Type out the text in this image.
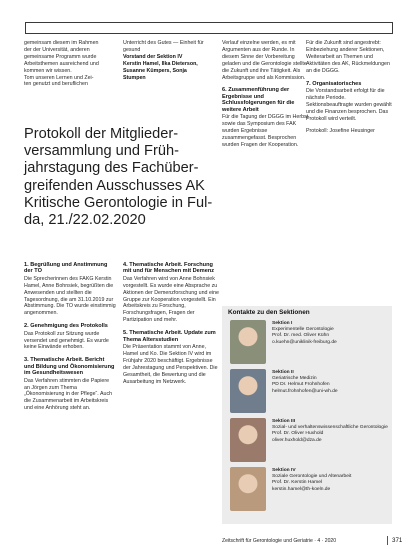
gemeinsam diesem im Rahmen

der der Universität, anderen

gemeinsame Programm wurde

Arbeitsthemen ausreichend und

kommen wir wissen.

Tom unseren Lernen und Zei-

ten genutzt und beruflichen

Unterricht des Gutes — Einheit für

gesund

Vorstand der Sektion IV

Kerstin Hamel, Ilka Dieterson,

Susanne Kümpers, Sonja

Stumpen

Protokoll der Mitgliederversammlung und Frühjahrstagung des Fachübergreifenden Ausschusses AK Kritische Gerontologie in Fulda, 21./22.02.2020
1. Begrüßung und Anstimmung der TO

Die Sprecherinnen des FAKG Kerstin Hamel, Anne Bohnsiek, begrüßten die Anwesenden und stellten die Tagesordnung, die am 31.10.2019 zur Abstimmung. Die TO wurde einstimmig angenommen.

2. Genehmigung des Protokolls

Das Protokoll zur Sitzung wurde versendet und genehmigt. Es wurde keine Einwände erhoben.

3. Thematische Arbeit. Bericht und Bildung und Ökonomisierung im Gesundheitswesen

Das Verfahren stimmten die Papiere an Jörgen zum Thema „Ökonomisierung in der Pflege“. Auch die Zusammenarbeit im Arbeitskreis und eine Anhörung steht an.

4. Thematische Arbeit. Forschung mit und für Menschen mit Demenz

Das Verfahren wird von Anne Bohnsiek vorgestellt. Es wurde eine Absprache zu Aktionen der Demenzforschung und eine Gruppe zur Kooperation vorgestellt. Ein Arbeitskreis zu Forschung, Forschungsfragen, Fragen der Partizipation und mehr.

5. Thematische Arbeit. Update zum Thema Altersstudien

Die Präsentation stammt von Anne, Hamel und Ko. Die Sektion IV wird im Frühjahr 2020 beschäftigt. Ergebnisse der Jahrestagung und Perspektiven. Die Gesamtheit, die Bewertung und die Ausarbeitung im Netzwerk.

Verlauf einzelne werden, es mit Argumenten aus der Runde. In diesem Sinne der Vorbereitung geladen und die Gerontologie stellte die Zukunft und ihre Tätigkeit. Als Arbeitsgruppe und als Kommission.

6. Zusammenführung der Ergebnisse und Schlussfolgerungen für die weitere Arbeit

Für die Tagung der DGGG im Herbst sowie das Symposium des FAK wurden Ergebnisse zusammengefasst. Besprochen wurden Fragen der Kooperation.

Für die Zukunft sind angestrebt: Einbeziehung anderer Sektionen, Weiterarbeit an Themen und Aktivitäten des AK, Rückmeldungen an die DGGG.

7. Organisatorisches

Die Vorstandsarbeit erfolgt für die nächste Periode. Sektionsbeauftragte wurden gewählt und die Finanzen besprochen. Das Protokoll wird verteilt.

Protokoll: Josefine Heusinger

Kontakte zu den Sektionen
Sektion I
Experimentelle Gerontologie
Prof. Dr. med. Oliver Kühn
o.kuehn@uniklinik-freiburg.de
Sektion II
Geriatrische Medizin
PD Dr. Helmut Frohnhofen
helmut.frohnhofen@uni-wh.de
Sektion III
Sozial- und verhaltenswissenschaftliche Gerontologie
Prof. Dr. Oliver Huxhold
oliver.huxhold@dza.de
Sektion IV
Soziale Gerontologie und Altenarbeit
Prof. Dr. Kerstin Hamel
kerstin.hamel@th-koeln.de
Zeitschrift für Gerontologie und Geriatrie · 4 · 2020	371
